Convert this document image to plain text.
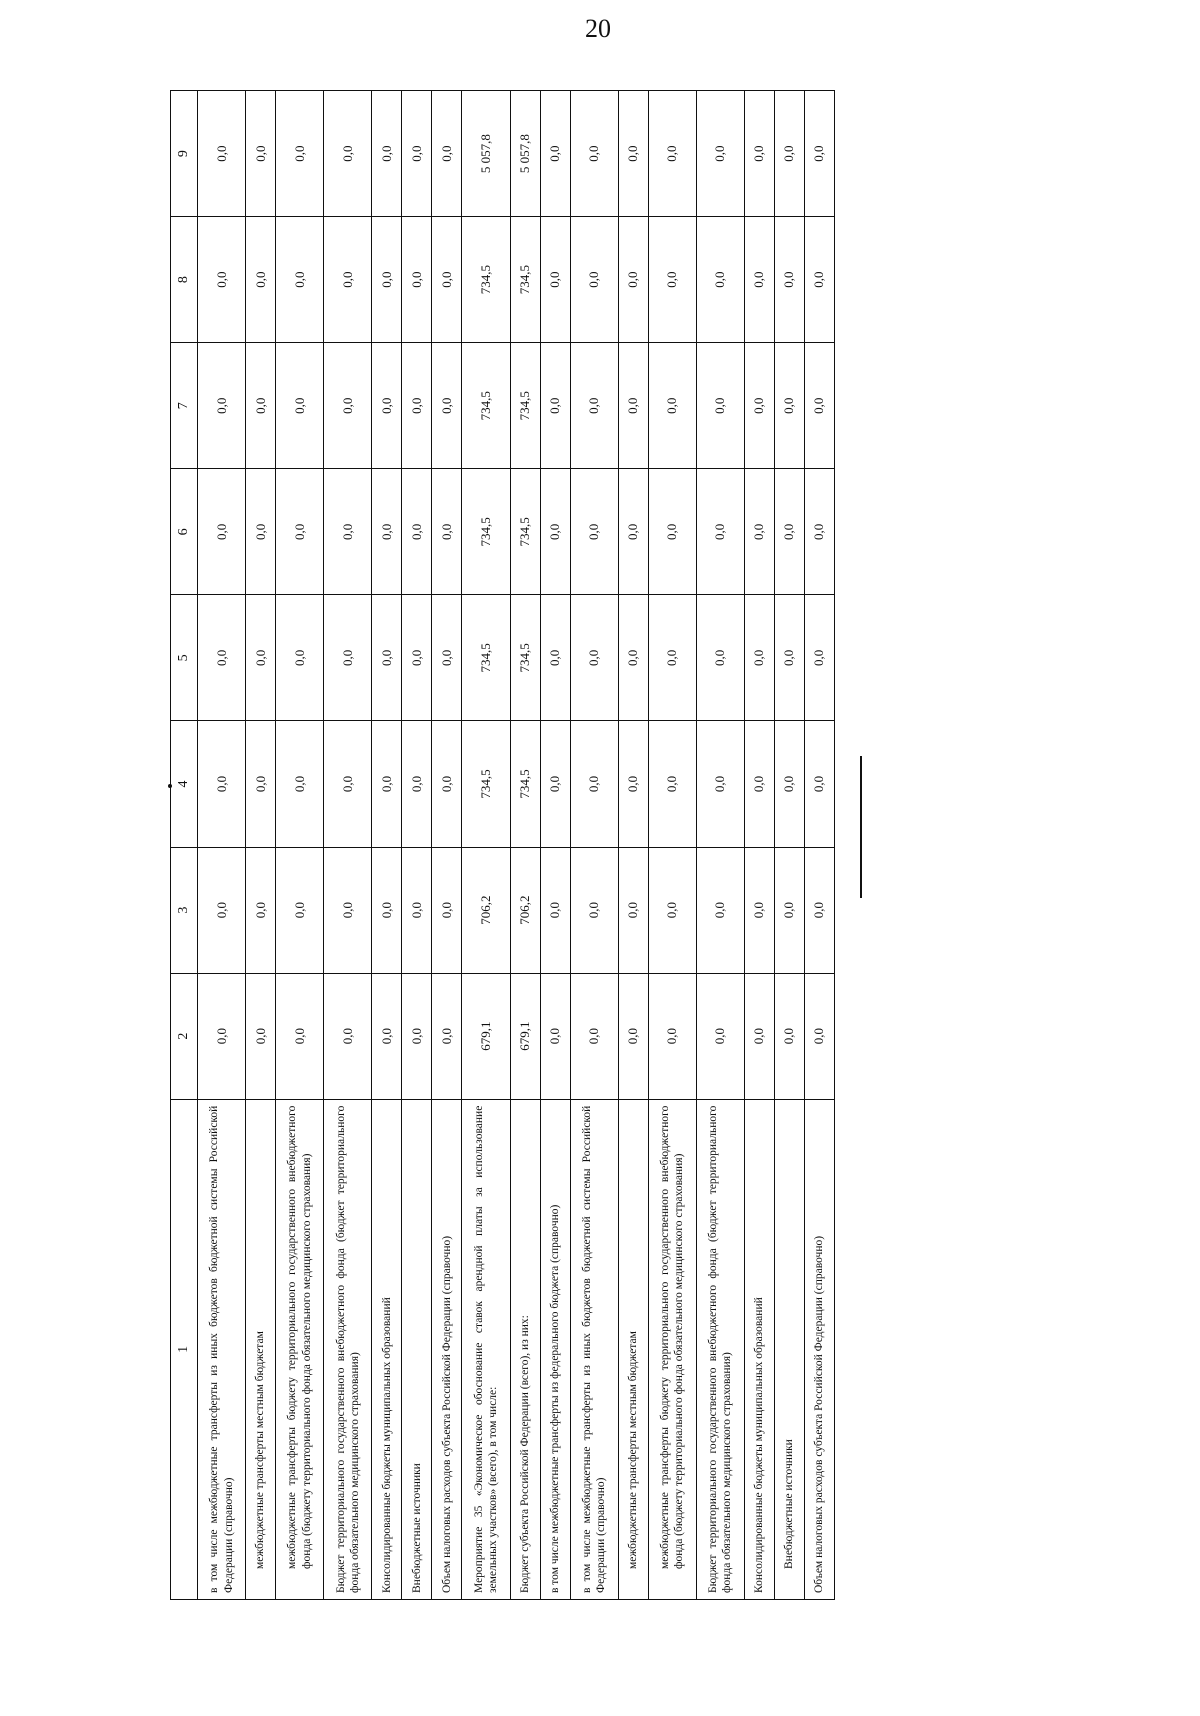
20
1	2	3	4	5	6	7	8	9
в том числе межбюджетные трансферты из иных бюджетов бюджетной системы Российской Федерации (справочно)	0,0	0,0	0,0	0,0	0,0	0,0	0,0	0,0
межбюджетные трансферты местным бюджетам	0,0	0,0	0,0	0,0	0,0	0,0	0,0	0,0
межбюджетные трансферты бюджету территориального государственного внебюджетного фонда (бюджету территориального фонда обязательного медицинского страхования)	0,0	0,0	0,0	0,0	0,0	0,0	0,0	0,0
Бюджет территориального государственного внебюджетного фонда (бюджет территориального фонда обязательного медицинского страхования)	0,0	0,0	0,0	0,0	0,0	0,0	0,0	0,0
Консолидированные бюджеты муниципальных образований	0,0	0,0	0,0	0,0	0,0	0,0	0,0	0,0
Внебюджетные источники	0,0	0,0	0,0	0,0	0,0	0,0	0,0	0,0
Объем налоговых расходов субъекта Российской Федерации (справочно)	0,0	0,0	0,0	0,0	0,0	0,0	0,0	0,0
Мероприятие 35 «Экономическое обоснование ставок арендной платы за использование земельных участков» (всего), в том числе:	679,1	706,2	734,5	734,5	734,5	734,5	734,5	5 057,8
Бюджет субъекта Российской Федерации (всего), из них:	679,1	706,2	734,5	734,5	734,5	734,5	734,5	5 057,8
в том числе межбюджетные трансферты из федерального бюджета (справочно)	0,0	0,0	0,0	0,0	0,0	0,0	0,0	0,0
в том числе межбюджетные трансферты из иных бюджетов бюджетной системы Российской Федерации (справочно)	0,0	0,0	0,0	0,0	0,0	0,0	0,0	0,0
межбюджетные трансферты местным бюджетам	0,0	0,0	0,0	0,0	0,0	0,0	0,0	0,0
межбюджетные трансферты бюджету территориального государственного внебюджетного фонда (бюджету территориального фонда обязательного медицинского страхования)	0,0	0,0	0,0	0,0	0,0	0,0	0,0	0,0
Бюджет территориального государственного внебюджетного фонда (бюджет территориального фонда обязательного медицинского страхования)	0,0	0,0	0,0	0,0	0,0	0,0	0,0	0,0
Консолидированные бюджеты муниципальных образований	0,0	0,0	0,0	0,0	0,0	0,0	0,0	0,0
Внебюджетные источники	0,0	0,0	0,0	0,0	0,0	0,0	0,0	0,0
Объем налоговых расходов субъекта Российской Федерации (справочно)	0,0	0,0	0,0	0,0	0,0	0,0	0,0	0,0
